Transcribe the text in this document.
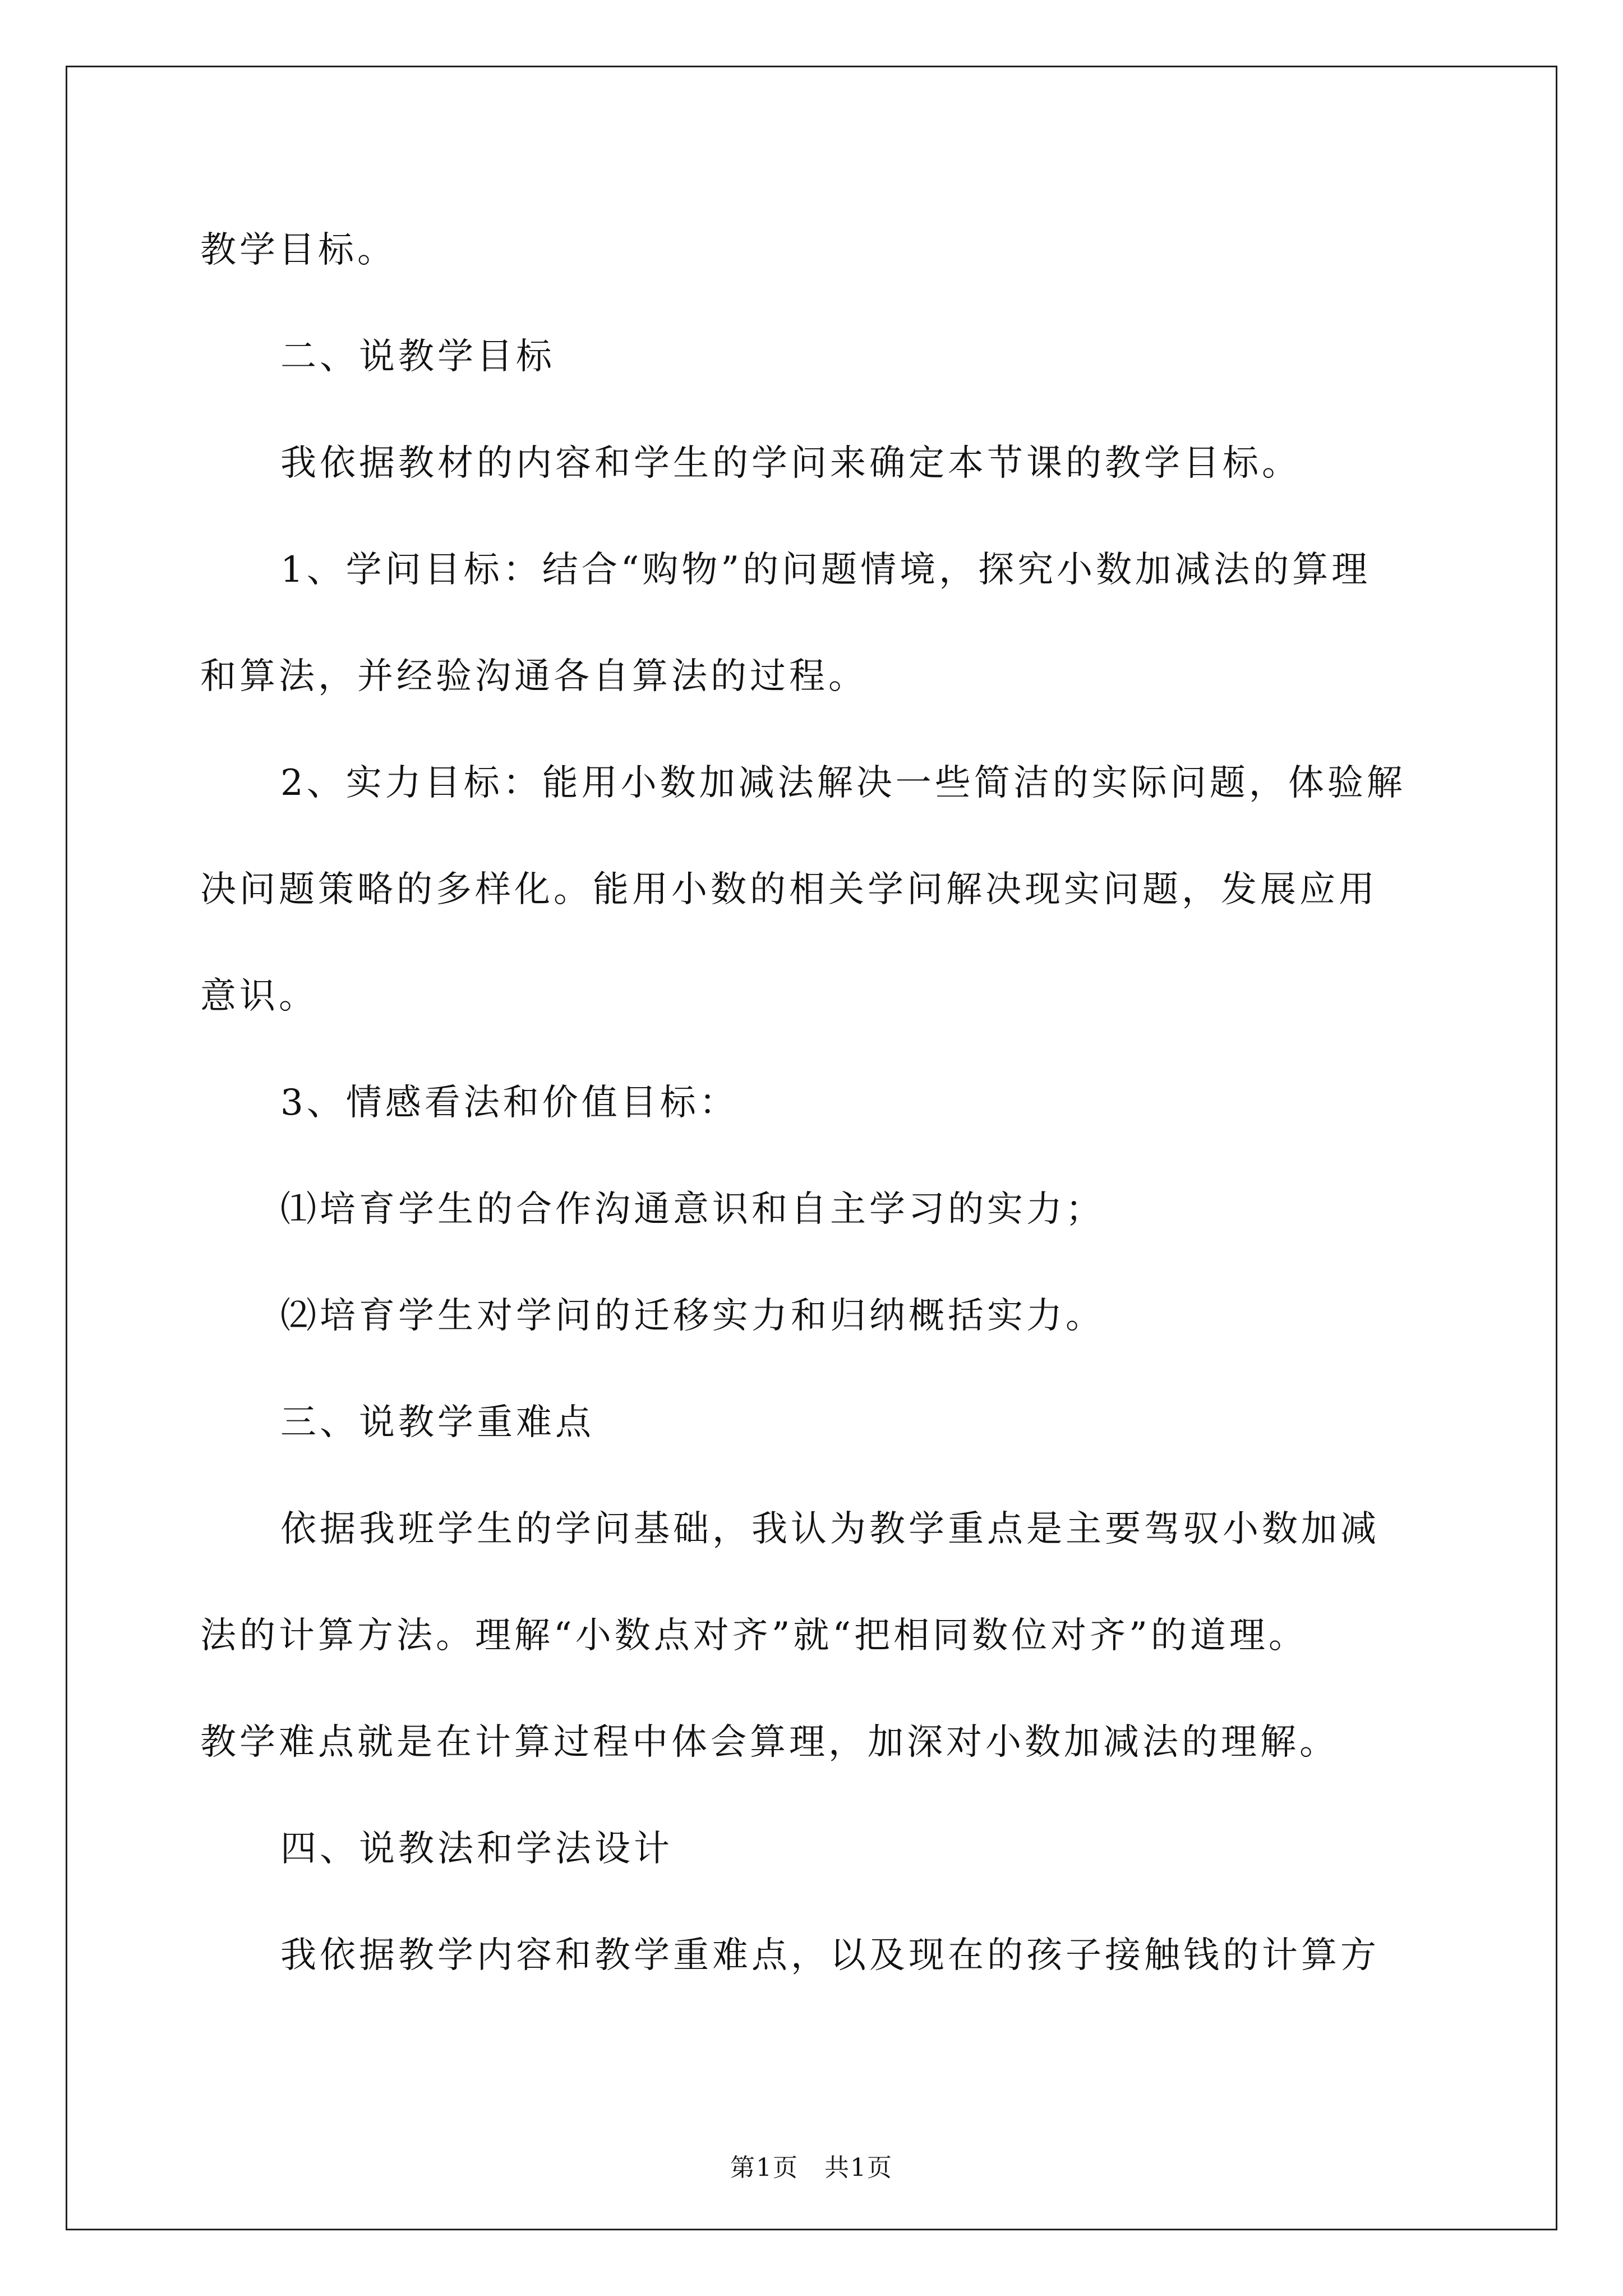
教学目标。
二、说教学目标
我依据教材的内容和学生的学问来确定本节课的教学目标。
1、学问目标：结合“购物”的问题情境，探究小数加减法的算理
和算法，并经验沟通各自算法的过程。
2、实力目标：能用小数加减法解决一些简洁的实际问题，体验解
决问题策略的多样化。能用小数的相关学问解决现实问题，发展应用
意识。
3、情感看法和价值目标：
⑴培育学生的合作沟通意识和自主学习的实力；
⑵培育学生对学问的迁移实力和归纳概括实力。
三、说教学重难点
依据我班学生的学问基础，我认为教学重点是主要驾驭小数加减
法的计算方法。理解“小数点对齐”就“把相同数位对齐”的道理。
教学难点就是在计算过程中体会算理，加深对小数加减法的理解。
四、说教法和学法设计
我依据教学内容和教学重难点，以及现在的孩子接触钱的计算方
第1页　共1页
